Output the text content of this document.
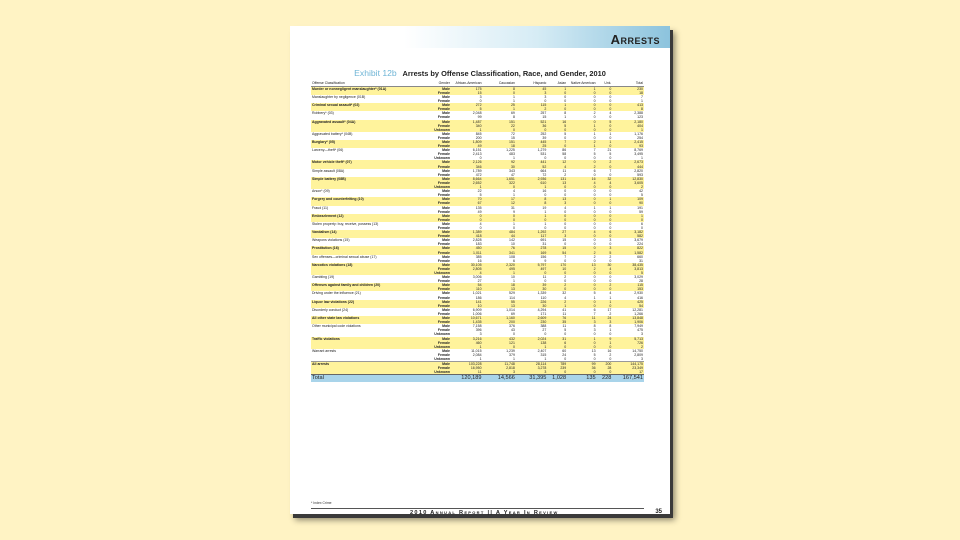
Arrests
Exhibit 12b Arrests by Offense Classification, Race, and Gender, 2010
Offense Classification	Gender	African-American	Caucasian	Hispanic	Asian	Native American	Unk.	Total
Murder or nonnegligent manslaughter* (01A)	Male	175	8	45	1	1	0	230
	Female	15	0	3	0	0	0	18
Manslaughter by negligence (01B)	Male	3	1	3	0	0	0	7
	Female	0	1	0	0	0	0	1
Criminal sexual assault* (02)	Male	272	25	115	1	0	0	413
	Female	5	1	2	0	0	0	8
Robbery* (03)	Male	2,048	69	257	8	2	4	2,388
	Female	99	8	15	1	0	0	123
Aggravated assault* (04A)	Male	1,487	151	521	16	0	5	2,180
	Female	340	22	36	5	1	0	404
	Unknown	1	0	0	0	0	0	1
Aggravated battery* (04B)	Male	845	72	252	5	1	1	1,176
	Female	200	15	39	0	0	0	254
Burglary* (05)	Male	1,809	151	445	7	2	1	2,415
	Female	49	18	25	0	1	0	93
Larceny—theft* (06)	Male	6,151	1,225	1,279	86	7	21	8,769
	Female	2,413	483	531	58	5	5	3,495
	Unknown	0	1	0	0	0	0	1
Motor vehicle theft* (07)	Male	2,126	92	441	12	0	2	2,673
	Female	346	30	52	4	2	0	444
Simple assault (08A)	Male	1,789	343	664	11	6	7	2,820
	Female	472	47	72	2	0	0	593
Simple battery (08B)	Male	8,664	1,651	2,936	131	16	32	12,830
	Female	2,652	322	610	13	4	4	3,605
	Unknown	1	0	1	0	0	0	2
Arson* (09)	Male	22	4	16	0	0	0	42
	Female	5	1	0	0	0	0	5
Forgery and counterfeiting (10)	Male	70	17	8	13	0	1	109
	Female	67	12	8	3	0	0	90
Fraud (11)	Male	135	31	19	4	1	1	191
	Female	49	9	1	0	0	0	59
Embezzlement (12)	Male	0	0	1	0	0	0	1
	Female	0	0	0	0	0	0	0
Stolen property: buy, receive, possess (13)	Male	4	1	1	0	0	0	6
	Female	0	0	0	0	0	0	0
Vandalism (14)	Male	1,389	484	1,292	27	4	6	3,182
	Female	418	44	117	3	0	0	582
Weapons violations (15)	Male	2,828	142	691	15	0	3	3,679
	Female	183	10	31	0	0	0	224
Prostitution (16)	Male	450	76	278	15	0	3	822
	Female	1,011	341	169	54	2	5	1,582
Sex offenses—criminal sexual abuse (17)	Male	385	108	156	7	2	2	660
	Female	16	6	9	0	0	0	31
Narcotics violations (18)	Male	30,105	2,320	5,797	170	13	30	38,435
	Female	2,805	495	497	10	2	4	3,813
	Unknown	4	1	0	0	0	0	5
Gambling (19)	Male	3,006	10	11	2	0	0	3,029
	Female	27	1	0	0	0	0	28
Offenses against family and children (20)	Male	54	18	39	2	0	2	115
	Female	110	13	30	0	0	0	153
Driving under the influence (21)	Male	1,021	529	1,339	32	5	4	2,930
	Female	186	114	110	4	1	1	416
Liquor law violations (22)	Male	141	55	226	2	0	1	425
	Female	10	13	30	1	0	0	54
Disorderly conduct (24)	Male	6,909	1,014	4,294	41	6	17	12,281
	Female	1,006	69	171	11	7	2	1,266
All other state law violations	Male	10,671	1,160	2,609	76	11	24	13,848
	Female	1,435	200	230	35	3	3	1,906
Other municipal code violations	Male	7,158	376	388	11	8	8	7,949
	Female	396	43	27	5	3	1	475
	Unknown	3	0	0	0	0	0	3
Traffic violations	Male	3,216	432	2,024	31	1	9	5,713
	Female	460	121	138	6	0	1	726
	Unknown	1	0	1	0	0	0	2
Warrant arrests	Male	11,015	1,239	2,407	60	13	16	14,750
	Female	2,084	379	315	24	5	2	2,809
	Unknown	1	1	1	0	0	0	3
All arrests	Male	103,228	11,748	28,114	789	99	200	144,175
	Female	16,950	2,818	3,278	239	36	28	23,349
	Unknown	11	3	3	0	0	0	17
Total		120,189	14,566	31,395	1,028	135	228	167,541
* Index Crime
2010 Annual Report || A Year In Review	35
